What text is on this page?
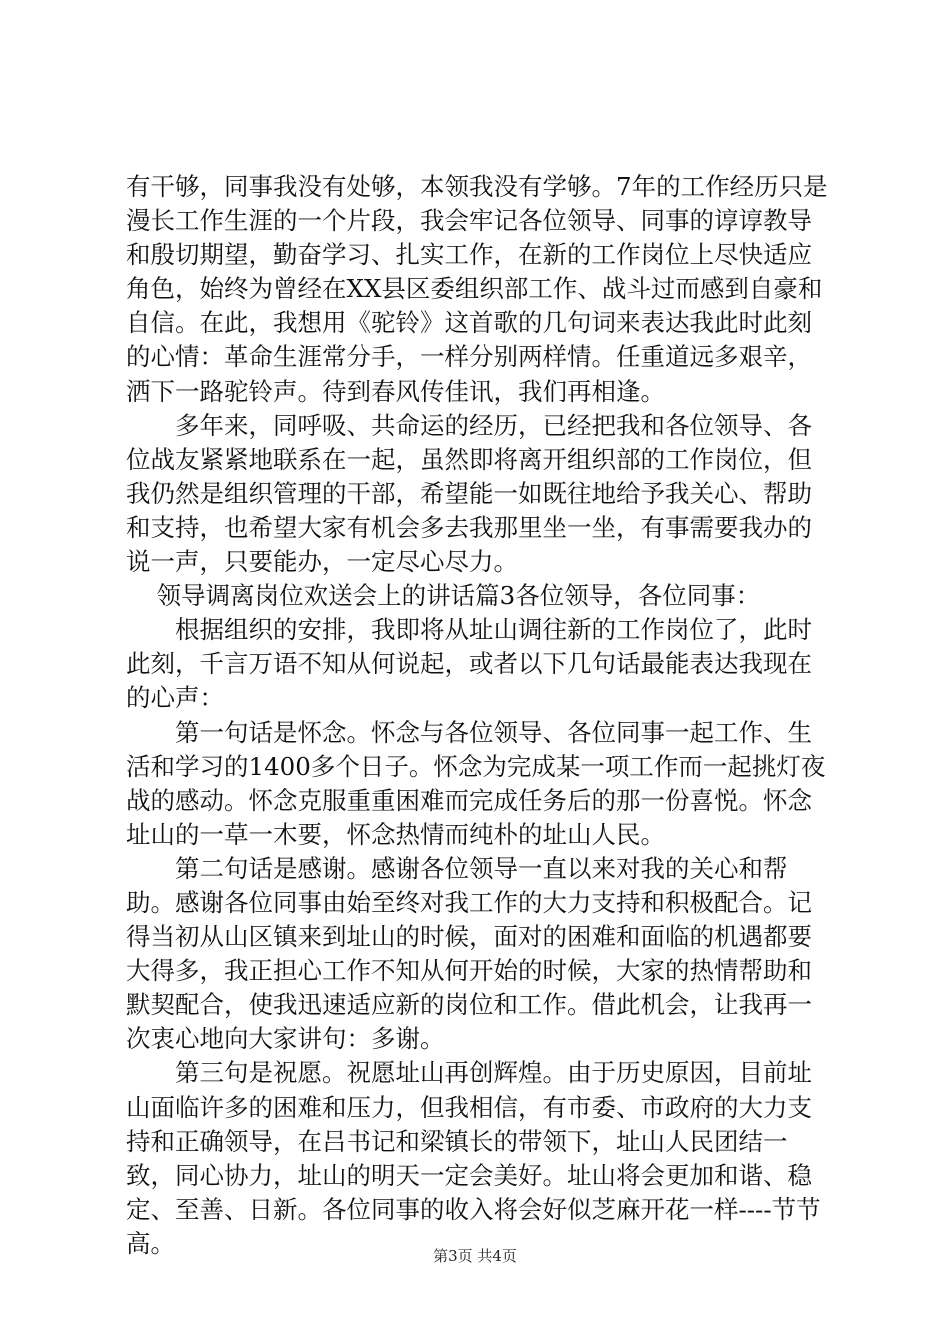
有干够，同事我没有处够，本领我没有学够。7年的工作经历只是漫长工作生涯的一个片段，我会牢记各位领导、同事的谆谆教导和殷切期望，勤奋学习、扎实工作，在新的工作岗位上尽快适应角色，始终为曾经在XX县区委组织部工作、战斗过而感到自豪和自信。在此，我想用《驼铃》这首歌的几句词来表达我此时此刻的心情：革命生涯常分手，一样分别两样情。任重道远多艰辛，洒下一路驼铃声。待到春风传佳讯，我们再相逢。

多年来，同呼吸、共命运的经历，已经把我和各位领导、各位战友紧紧地联系在一起，虽然即将离开组织部的工作岗位，但我仍然是组织管理的干部，希望能一如既往地给予我关心、帮助和支持，也希望大家有机会多去我那里坐一坐，有事需要我办的说一声，只要能办，一定尽心尽力。

领导调离岗位欢送会上的讲话篇3各位领导，各位同事：

根据组织的安排，我即将从址山调往新的工作岗位了，此时此刻，千言万语不知从何说起，或者以下几句话最能表达我现在的心声：

第一句话是怀念。怀念与各位领导、各位同事一起工作、生活和学习的1400多个日子。怀念为完成某一项工作而一起挑灯夜战的感动。怀念克服重重困难而完成任务后的那一份喜悦。怀念址山的一草一木要，怀念热情而纯朴的址山人民。

第二句话是感谢。感谢各位领导一直以来对我的关心和帮助。感谢各位同事由始至终对我工作的大力支持和积极配合。记得当初从山区镇来到址山的时候，面对的困难和面临的机遇都要大得多，我正担心工作不知从何开始的时候，大家的热情帮助和默契配合，使我迅速适应新的岗位和工作。借此机会，让我再一次衷心地向大家讲句：多谢。

第三句是祝愿。祝愿址山再创辉煌。由于历史原因，目前址山面临许多的困难和压力，但我相信，有市委、市政府的大力支持和正确领导，在吕书记和梁镇长的带领下，址山人民团结一致，同心协力，址山的明天一定会美好。址山将会更加和谐、稳定、至善、日新。各位同事的收入将会好似芝麻开花一样----节节高。	第3页 共4页
